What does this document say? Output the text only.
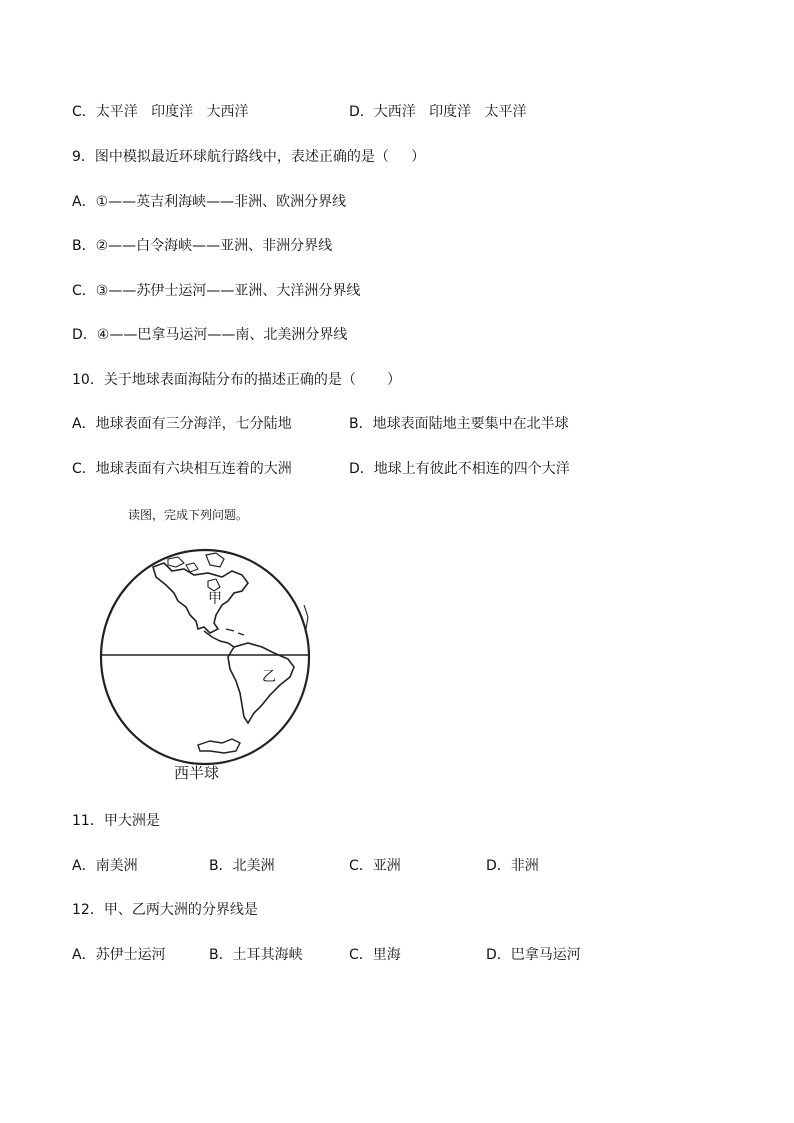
C．太平洋   印度洋   大西洋	D．大西洋   印度洋   太平洋
9．图中模拟最近环球航行路线中，表述正确的是（     ）
A．①——英吉利海峡——非洲、欧洲分界线
B．②——白令海峡——亚洲、非洲分界线
C．③——苏伊士运河——亚洲、大洋洲分界线
D．④——巴拿马运河——南、北美洲分界线
10．关于地球表面海陆分布的描述正确的是（       ）
A．地球表面有三分海洋，七分陆地	B．地球表面陆地主要集中在北半球
C．地球表面有六块相互连着的大洲	D．地球上有彼此不相连的四个大洋
读图，完成下列问题。
甲
乙
西半球
11．甲大洲是
A．南美洲	B．北美洲	C．亚洲	D．非洲
12．甲、乙两大洲的分界线是
A．苏伊士运河	B．土耳其海峡	C．里海	D．巴拿马运河
